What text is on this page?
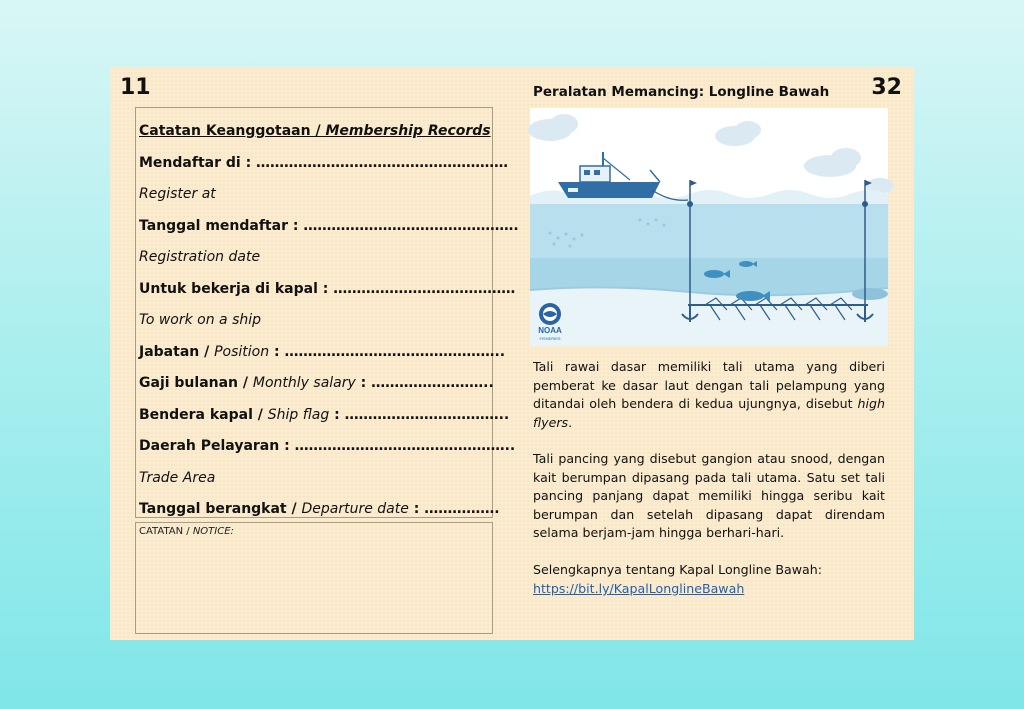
11
Catatan Keanggotaan / Membership Records
Mendaftar di : ………………………………………………
Register at
Tanggal mendaftar : ……………………………………….
Registration date
Untuk bekerja di kapal : …………………………………
To work on a ship
Jabatan / Position : ………………………………………..
Gaji bulanan / Monthly salary : ……………………..
Bendera kapal / Ship flag : ……………………………..
Daerah Pelayaran : ………………………………………..
Trade Area
Tanggal berangkat / Departure date : …………….
CATATAN / NOTICE:
32
Peralatan Memancing: Longline Bawah
NOAA
FISHERIES
Tali rawai dasar memiliki tali utama yang diberi pemberat ke dasar laut dengan tali pelampung yang ditandai oleh bendera di kedua ujungnya, disebut high flyers.
Tali pancing yang disebut gangion atau snood, dengan kait berumpan dipasang pada tali utama. Satu set tali pancing panjang dapat memiliki hingga seribu kait berumpan dan setelah dipasang dapat direndam selama berjam-jam hingga berhari-hari.
Selengkapnya tentang Kapal Longline Bawah:
https://bit.ly/KapalLonglineBawah
